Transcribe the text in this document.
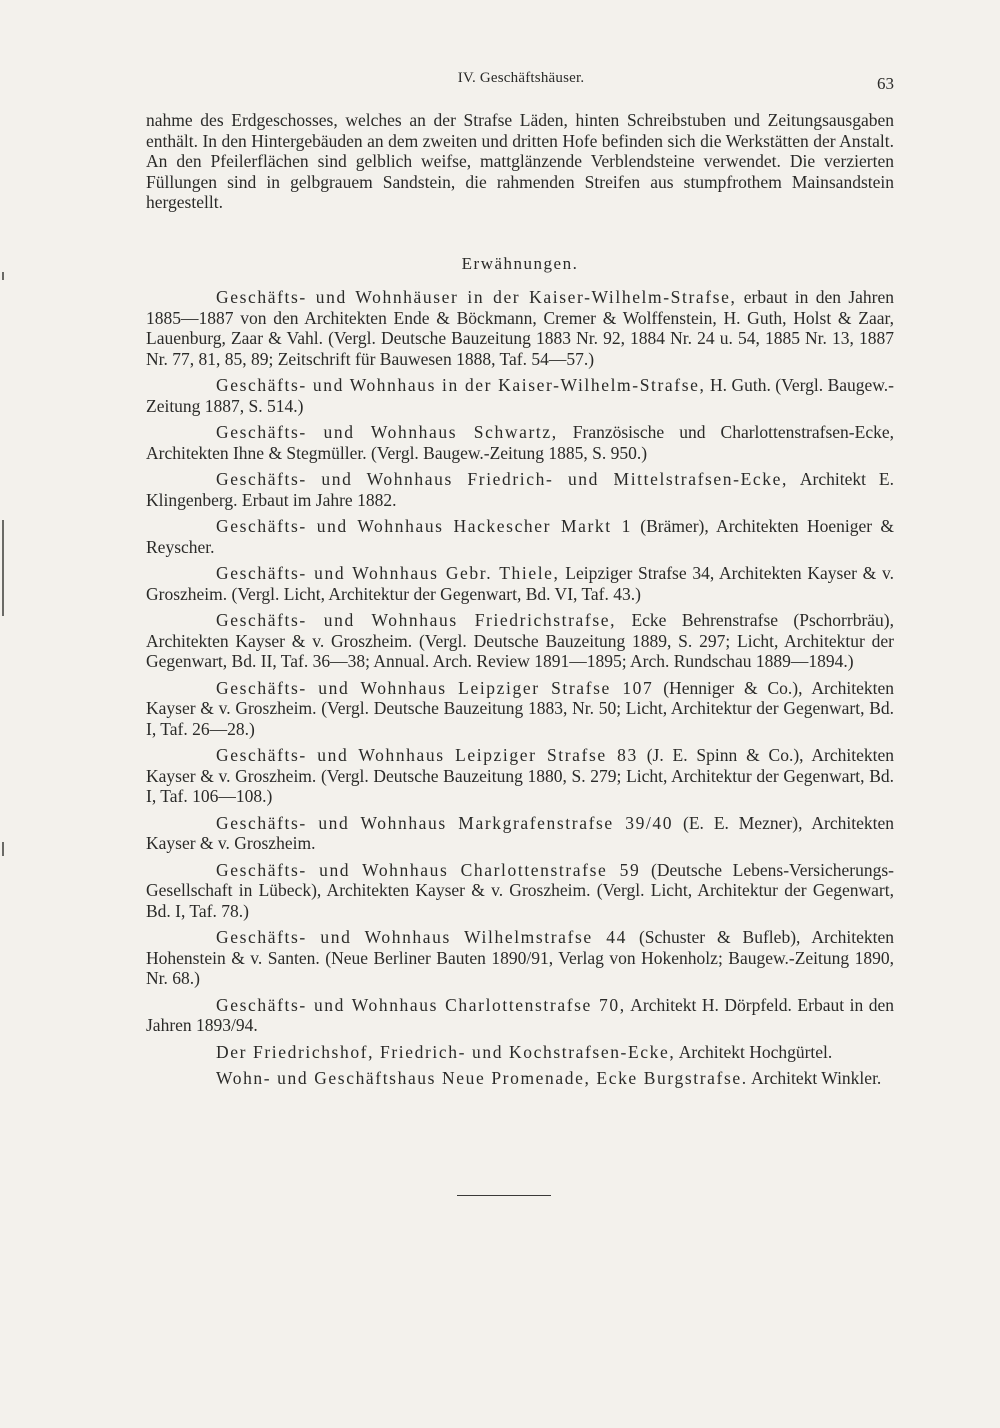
IV. Geschäftshäuser.	63

nahme des Erdgeschosses, welches an der Strafse Läden, hinten Schreibstuben und Zeitungsausgaben enthält. In den Hintergebäuden an dem zweiten und dritten Hofe befinden sich die Werkstätten der Anstalt. An den Pfeilerflächen sind gelblich weifse, mattglänzende Verblendsteine verwendet. Die verzierten Füllungen sind in gelbgrauem Sandstein, die rahmenden Streifen aus stumpfrothem Mainsandstein hergestellt.

Erwähnungen.

Geschäfts- und Wohnhäuser in der Kaiser-Wilhelm-Strafse, erbaut in den Jahren 1885—1887 von den Architekten Ende & Böckmann, Cremer & Wolffenstein, H. Guth, Holst & Zaar, Lauenburg, Zaar & Vahl. (Vergl. Deutsche Bauzeitung 1883 Nr. 92, 1884 Nr. 24 u. 54, 1885 Nr. 13, 1887 Nr. 77, 81, 85, 89; Zeitschrift für Bauwesen 1888, Taf. 54—57.)

Geschäfts- und Wohnhaus in der Kaiser-Wilhelm-Strafse, H. Guth. (Vergl. Baugew.-Zeitung 1887, S. 514.)

Geschäfts- und Wohnhaus Schwartz, Französische und Charlottenstrafsen-Ecke, Architekten Ihne & Stegmüller. (Vergl. Baugew.-Zeitung 1885, S. 950.)

Geschäfts- und Wohnhaus Friedrich- und Mittelstrafsen-Ecke, Architekt E. Klingenberg. Erbaut im Jahre 1882.

Geschäfts- und Wohnhaus Hackescher Markt 1 (Brämer), Architekten Hoeniger & Reyscher.

Geschäfts- und Wohnhaus Gebr. Thiele, Leipziger Strafse 34, Architekten Kayser & v. Groszheim. (Vergl. Licht, Architektur der Gegenwart, Bd. VI, Taf. 43.)

Geschäfts- und Wohnhaus Friedrichstrafse, Ecke Behrenstrafse (Pschorrbräu), Architekten Kayser & v. Groszheim. (Vergl. Deutsche Bauzeitung 1889, S. 297; Licht, Architektur der Gegenwart, Bd. II, Taf. 36—38; Annual. Arch. Review 1891—1895; Arch. Rundschau 1889—1894.)

Geschäfts- und Wohnhaus Leipziger Strafse 107 (Henniger & Co.), Architekten Kayser & v. Groszheim. (Vergl. Deutsche Bauzeitung 1883, Nr. 50; Licht, Architektur der Gegenwart, Bd. I, Taf. 26—28.)

Geschäfts- und Wohnhaus Leipziger Strafse 83 (J. E. Spinn & Co.), Architekten Kayser & v. Groszheim. (Vergl. Deutsche Bauzeitung 1880, S. 279; Licht, Architektur der Gegenwart, Bd. I, Taf. 106—108.)

Geschäfts- und Wohnhaus Markgrafenstrafse 39/40 (E. E. Mezner), Architekten Kayser & v. Groszheim.

Geschäfts- und Wohnhaus Charlottenstrafse 59 (Deutsche Lebens-Versicherungs-Gesellschaft in Lübeck), Architekten Kayser & v. Groszheim. (Vergl. Licht, Architektur der Gegenwart, Bd. I, Taf. 78.)

Geschäfts- und Wohnhaus Wilhelmstrafse 44 (Schuster & Bufleb), Architekten Hohenstein & v. Santen. (Neue Berliner Bauten 1890/91, Verlag von Hokenholz; Baugew.-Zeitung 1890, Nr. 68.)

Geschäfts- und Wohnhaus Charlottenstrafse 70, Architekt H. Dörpfeld. Erbaut in den Jahren 1893/94.

Der Friedrichshof, Friedrich- und Kochstrafsen-Ecke, Architekt Hochgürtel.

Wohn- und Geschäftshaus Neue Promenade, Ecke Burgstrafse. Architekt Winkler.
